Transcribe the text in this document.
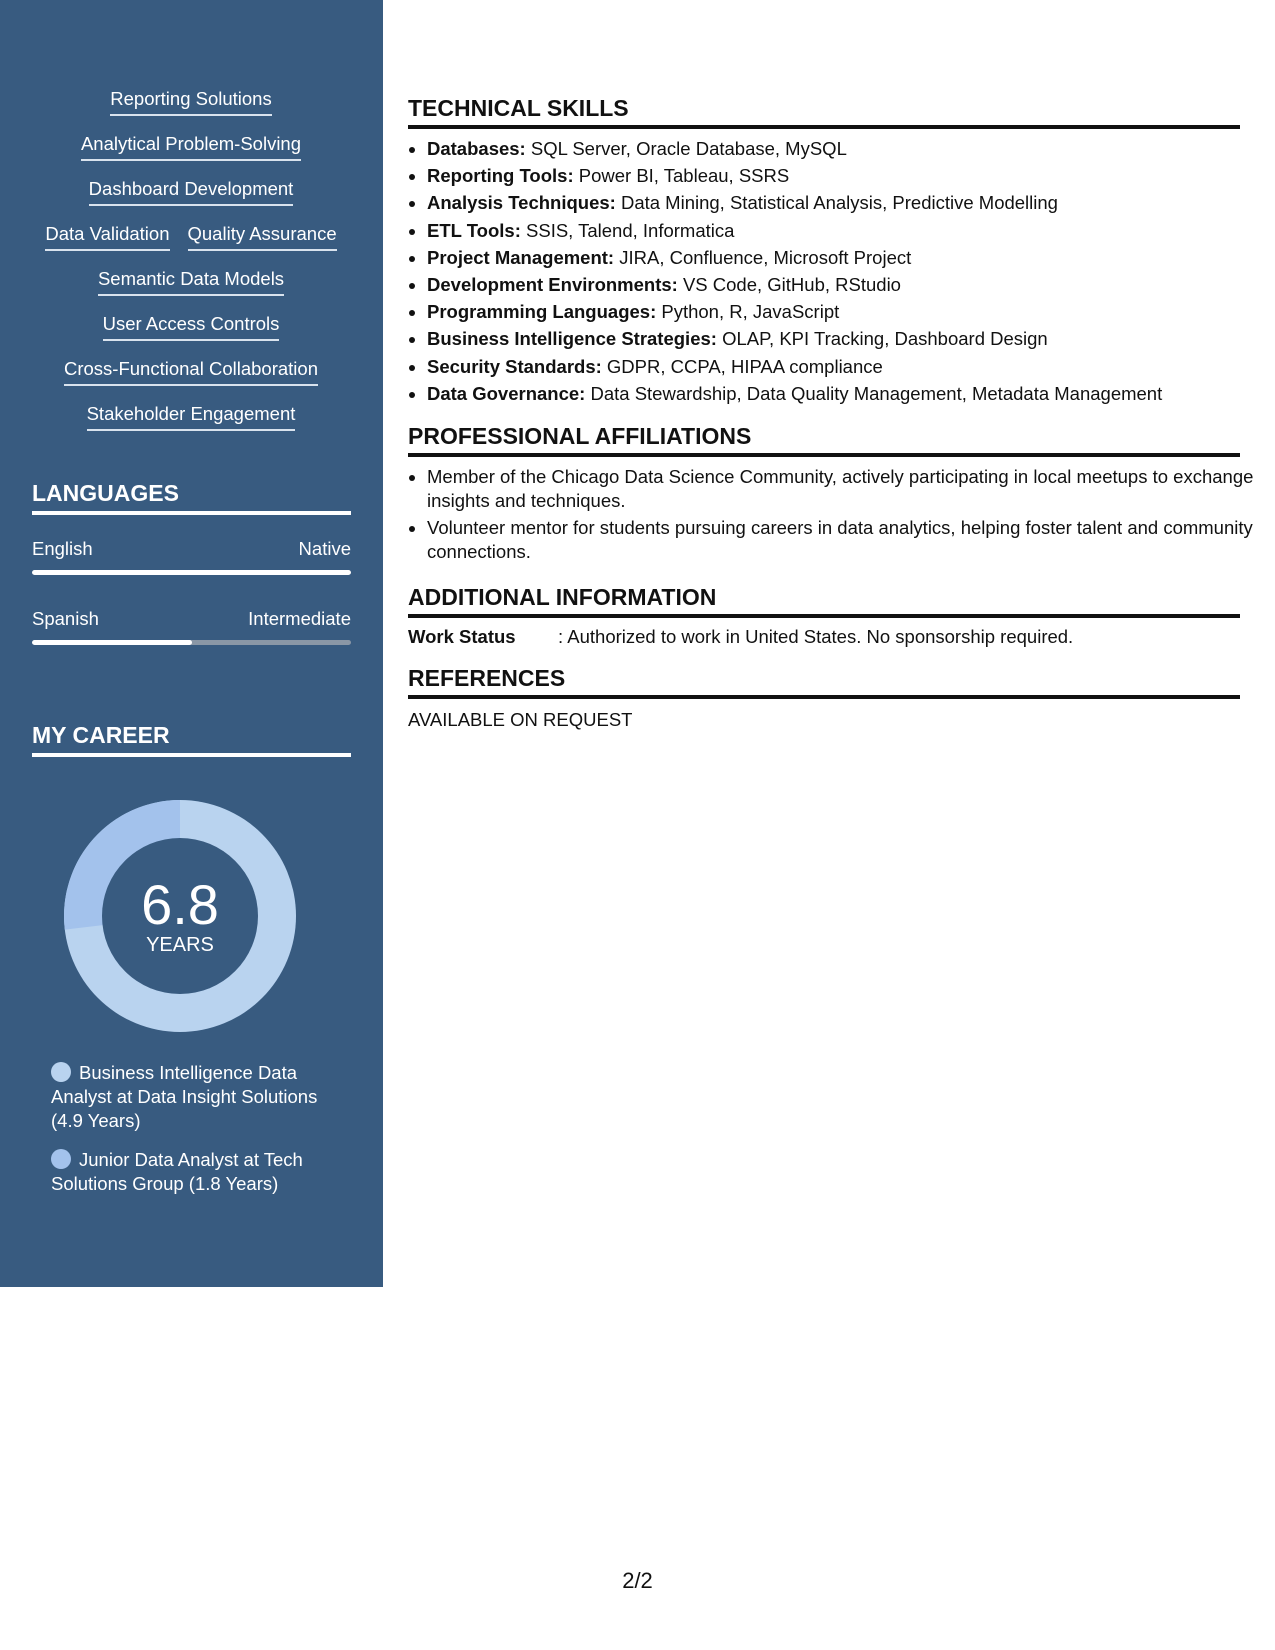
Reporting Solutions
Analytical Problem-Solving
Dashboard Development
Data Validation Quality Assurance
Semantic Data Models
User Access Controls
Cross-Functional Collaboration
Stakeholder Engagement
LANGUAGES
English	Native
Spanish	Intermediate
MY CAREER
6.8
YEARS
Business Intelligence Data Analyst at Data Insight Solutions (4.9 Years)
Junior Data Analyst at Tech Solutions Group (1.8 Years)
TECHNICAL SKILLS
• Databases: SQL Server, Oracle Database, MySQL
• Reporting Tools: Power BI, Tableau, SSRS
• Analysis Techniques: Data Mining, Statistical Analysis, Predictive Modelling
• ETL Tools: SSIS, Talend, Informatica
• Project Management: JIRA, Confluence, Microsoft Project
• Development Environments: VS Code, GitHub, RStudio
• Programming Languages: Python, R, JavaScript
• Business Intelligence Strategies: OLAP, KPI Tracking, Dashboard Design
• Security Standards: GDPR, CCPA, HIPAA compliance
• Data Governance: Data Stewardship, Data Quality Management, Metadata Management
PROFESSIONAL AFFILIATIONS
• Member of the Chicago Data Science Community, actively participating in local meetups to exchange insights and techniques.
• Volunteer mentor for students pursuing careers in data analytics, helping foster talent and community connections.
ADDITIONAL INFORMATION
Work Status : Authorized to work in United States. No sponsorship required.
REFERENCES
AVAILABLE ON REQUEST
2/2
